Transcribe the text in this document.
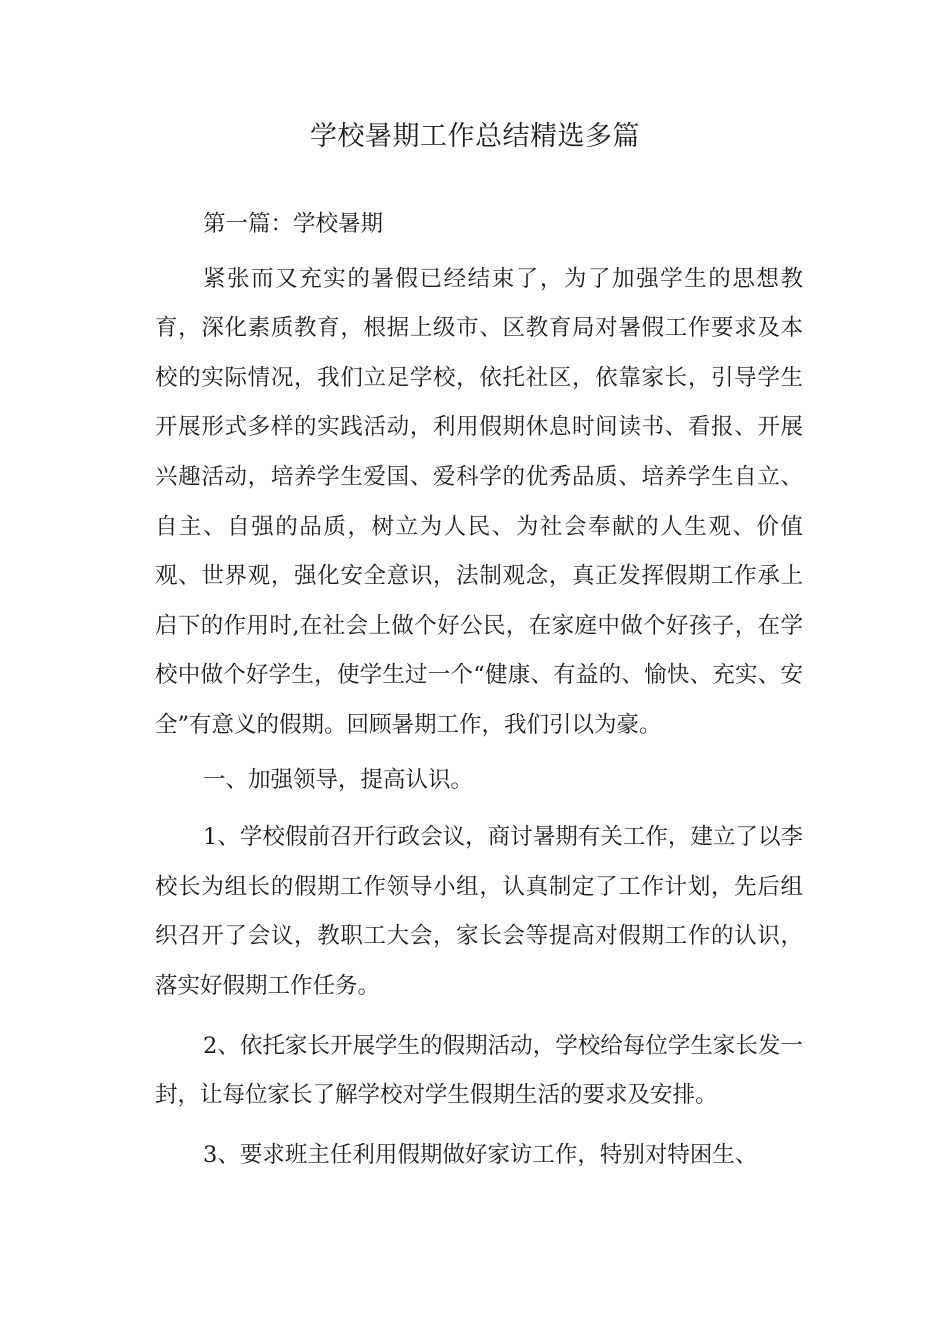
学校暑期工作总结精选多篇

第一篇：学校暑期

紧张而又充实的暑假已经结束了，为了加强学生的思想教育，深化素质教育，根据上级市、区教育局对暑假工作要求及本校的实际情况，我们立足学校，依托社区，依靠家长，引导学生开展形式多样的实践活动，利用假期休息时间读书、看报、开展兴趣活动，培养学生爱国、爱科学的优秀品质、培养学生自立、自主、自强的品质，树立为人民、为社会奉献的人生观、价值观、世界观，强化安全意识，法制观念，真正发挥假期工作承上启下的作用时,在社会上做个好公民，在家庭中做个好孩子，在学校中做个好学生，使学生过一个“健康、有益的、愉快、充实、安全”有意义的假期。回顾暑期工作，我们引以为豪。

一、加强领导，提高认识。

1、学校假前召开行政会议，商讨暑期有关工作，建立了以李校长为组长的假期工作领导小组，认真制定了工作计划，先后组织召开了会议，教职工大会，家长会等提高对假期工作的认识，落实好假期工作任务。

2、依托家长开展学生的假期活动，学校给每位学生家长发一封，让每位家长了解学校对学生假期生活的要求及安排。

3、要求班主任利用假期做好家访工作，特别对特困生、
